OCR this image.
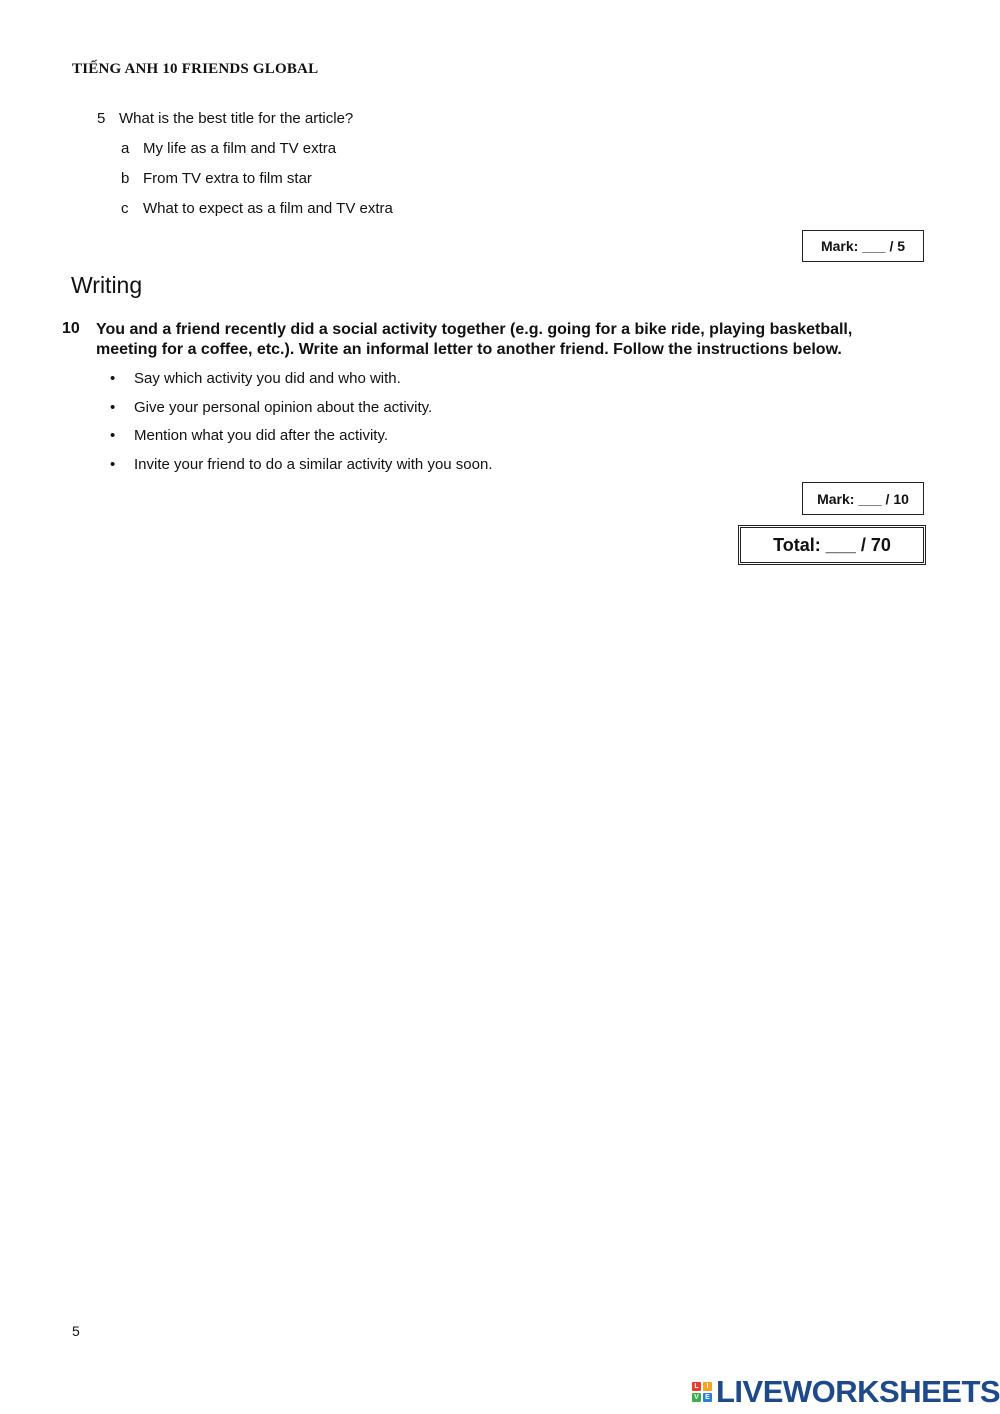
TIẾNG ANH 10 FRIENDS GLOBAL
5 What is the best title for the article?
a My life as a film and TV extra
b From TV extra to film star
c What to expect as a film and TV extra
Mark: ___ / 5
Writing
10 You and a friend recently did a social activity together (e.g. going for a bike ride, playing basketball, meeting for a coffee, etc.). Write an informal letter to another friend. Follow the instructions below.
• Say which activity you did and who with.
• Give your personal opinion about the activity.
• Mention what you did after the activity.
• Invite your friend to do a similar activity with you soon.
Mark: ___ / 10
Total: ___ / 70
5
L	I
V E LIVEWORKSHEETS
